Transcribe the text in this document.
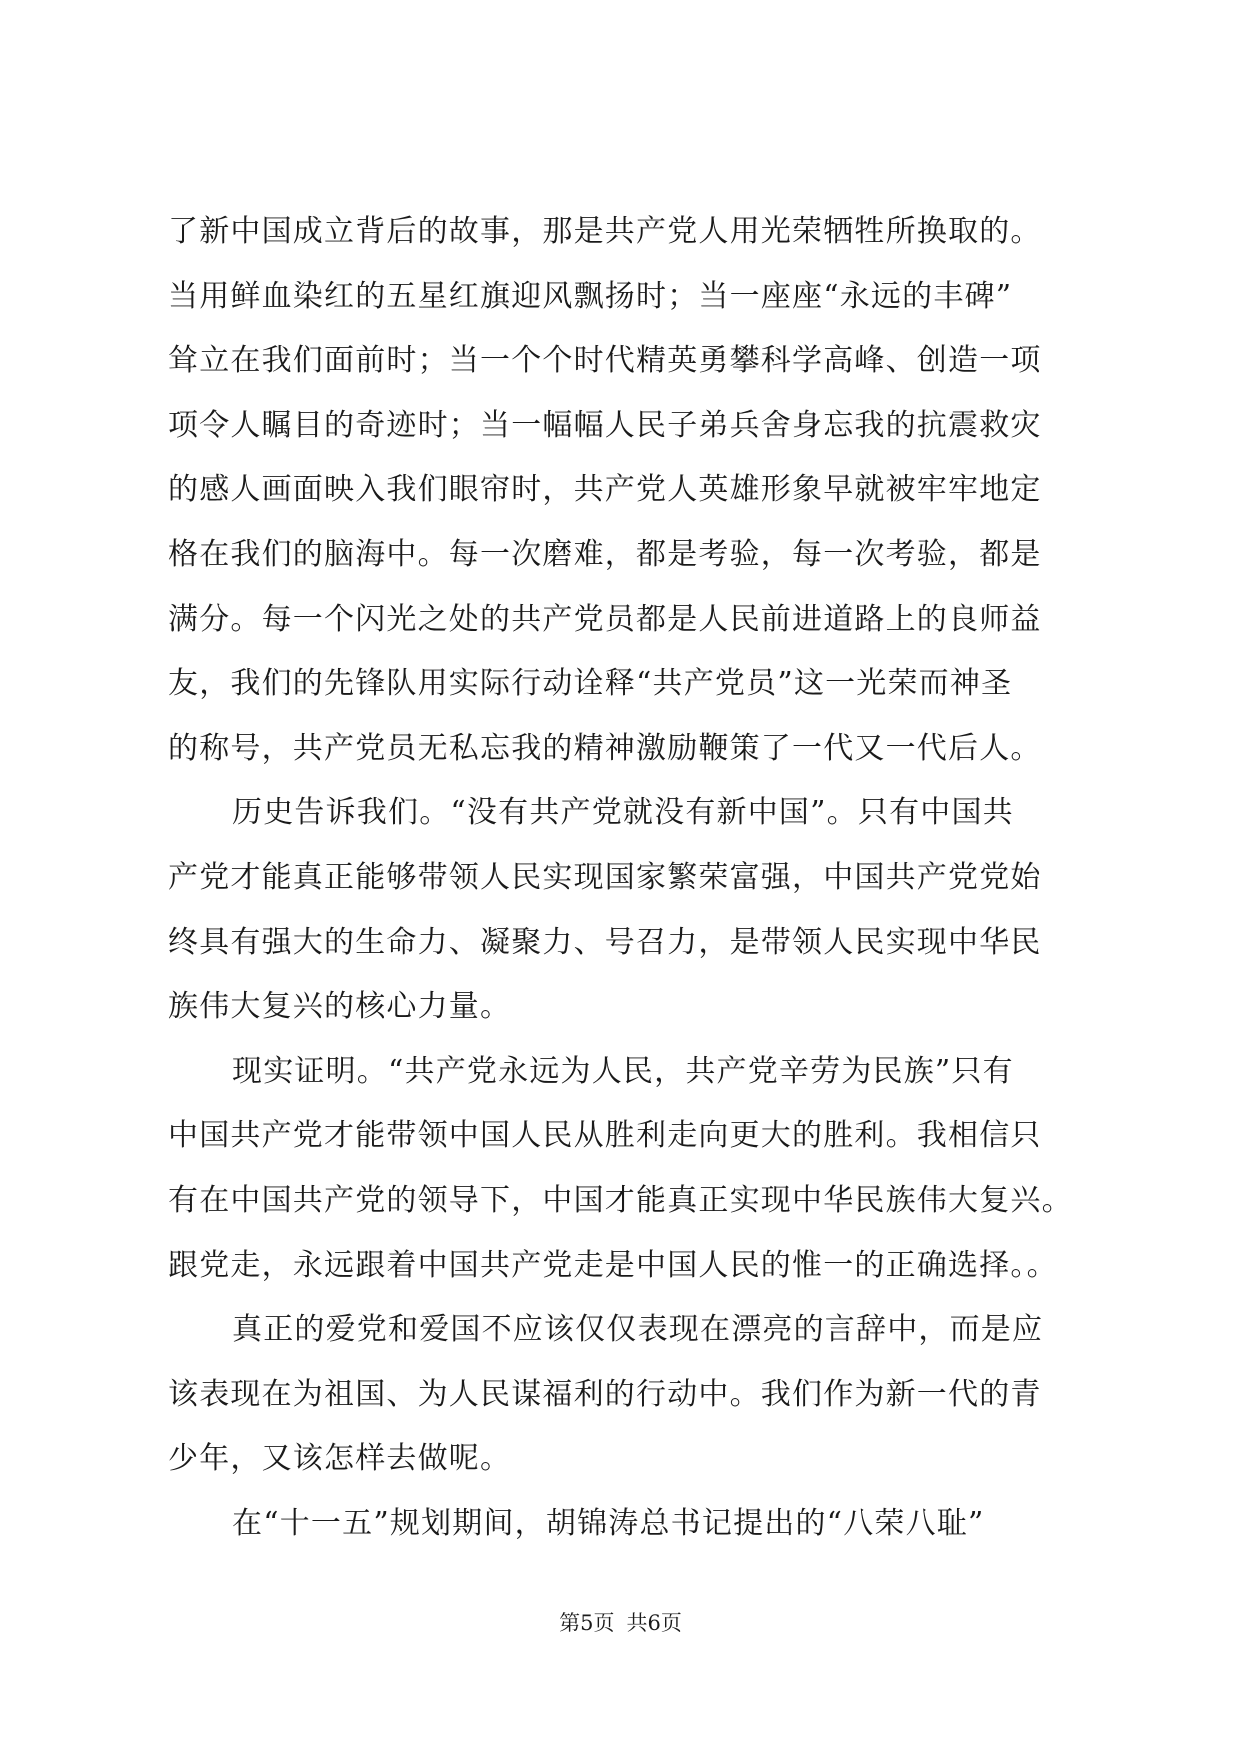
了新中国成立背后的故事，那是共产党人用光荣牺牲所换取的。
当用鲜血染红的五星红旗迎风飘扬时；当一座座“永远的丰碑”
耸立在我们面前时；当一个个时代精英勇攀科学高峰、创造一项
项令人瞩目的奇迹时；当一幅幅人民子弟兵舍身忘我的抗震救灾
的感人画面映入我们眼帘时，共产党人英雄形象早就被牢牢地定
格在我们的脑海中。每一次磨难，都是考验，每一次考验，都是
满分。每一个闪光之处的共产党员都是人民前进道路上的良师益
友，我们的先锋队用实际行动诠释“共产党员”这一光荣而神圣
的称号，共产党员无私忘我的精神激励鞭策了一代又一代后人。
历史告诉我们。“没有共产党就没有新中国”。只有中国共
产党才能真正能够带领人民实现国家繁荣富强，中国共产党党始
终具有强大的生命力、凝聚力、号召力，是带领人民实现中华民
族伟大复兴的核心力量。
现实证明。“共产党永远为人民，共产党辛劳为民族”只有
中国共产党才能带领中国人民从胜利走向更大的胜利。我相信只
有在中国共产党的领导下，中国才能真正实现中华民族伟大复兴。
跟党走，永远跟着中国共产党走是中国人民的惟一的正确选择。。
真正的爱党和爱国不应该仅仅表现在漂亮的言辞中，而是应
该表现在为祖国、为人民谋福利的行动中。我们作为新一代的青
少年，又该怎样去做呢。
在“十一五”规划期间，胡锦涛总书记提出的“八荣八耻”
第5页 共6页
